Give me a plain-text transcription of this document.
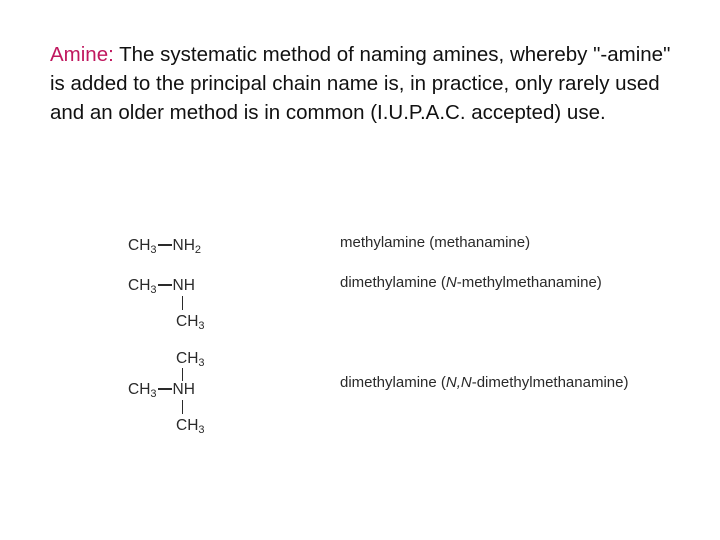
Amine: The systematic method of naming amines, whereby "-amine" is added to the principal chain name is, in practice, only rarely used and an older method is in common (I.U.P.A.C. accepted) use.

$CH_3$ $NH_2$	methylamine (methanamine)
$CH_3$ NH
$CH_3$
dimethylamine (N-methylmethanamine)
$CH_3$
$CH_3$ NH
$CH_3$
dimethylamine (N,N-dimethylmethanamine)
